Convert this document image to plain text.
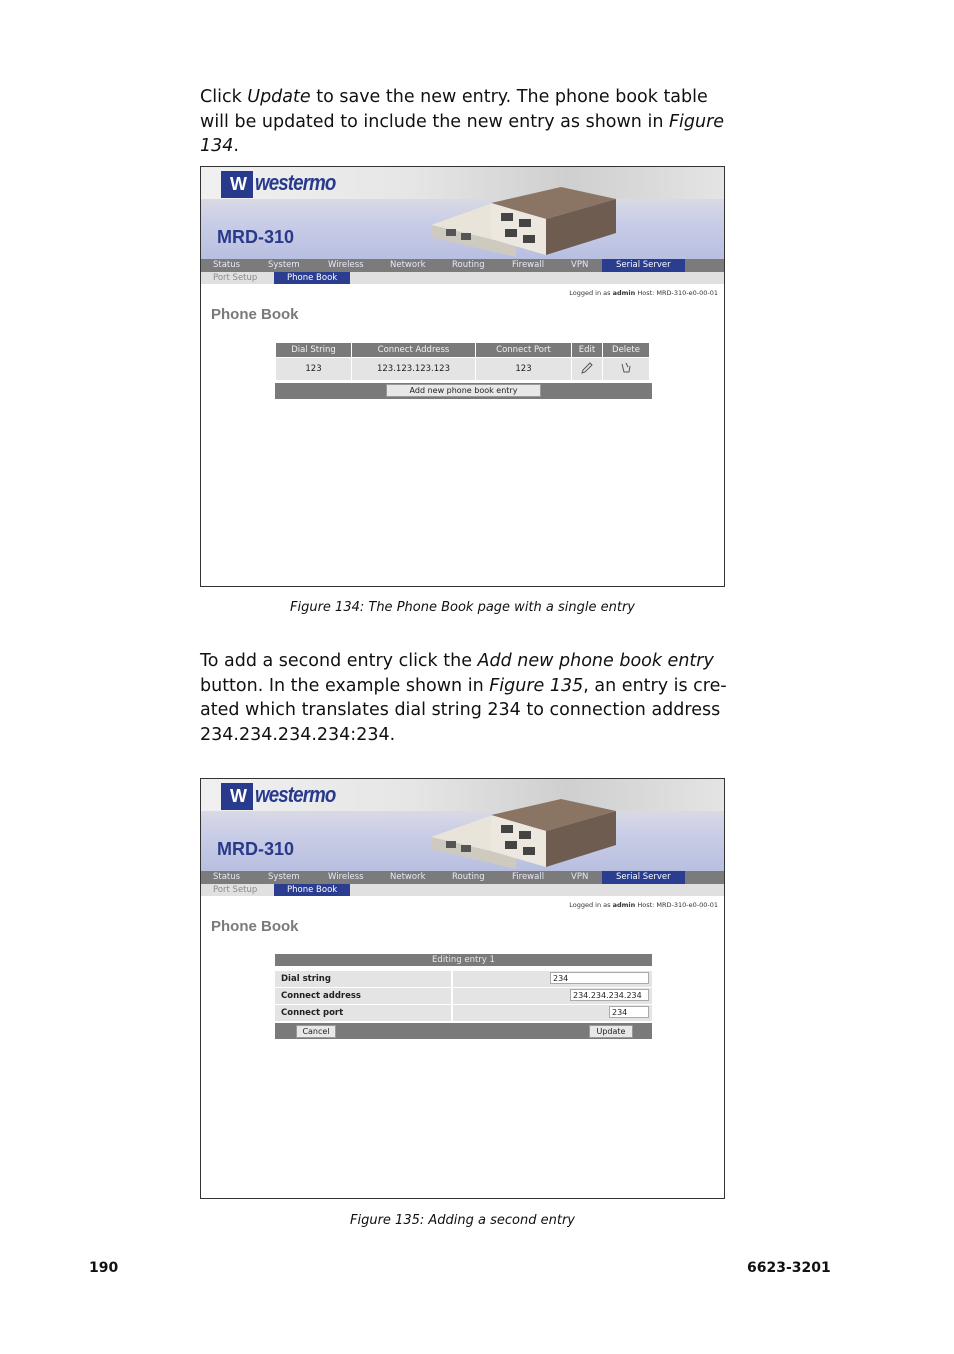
Click Update to save the new entry. The phone book table will be updated to include the new entry as shown in Figure 134.
W westermo
MRD-310
Status	System	Wireless	Network	Routing	Firewall	VPN	Serial Server
Port Setup	Phone Book
Logged in as admin Host: MRD-310-e0-00-01
Phone Book
Dial String	Connect Address	Connect Port	Edit	Delete
123	123.123.123.123	123		
Add new phone book entry
Figure 134: The Phone Book page with a single entry
To add a second entry click the Add new phone book entry button. In the example shown in Figure 135, an entry is cre- ated which translates dial string 234 to connection address 234.234.234.234:234.
W westermo
MRD-310
Status	System	Wireless	Network	Routing	Firewall	VPN	Serial Server
Port Setup	Phone Book
Logged in as admin Host: MRD-310-e0-00-01
Phone Book
Editing entry 1
Dial string	234
Connect address	234.234.234.234
Connect port	234
Cancel	Update
Figure 135: Adding a second entry
190	6623-3201
